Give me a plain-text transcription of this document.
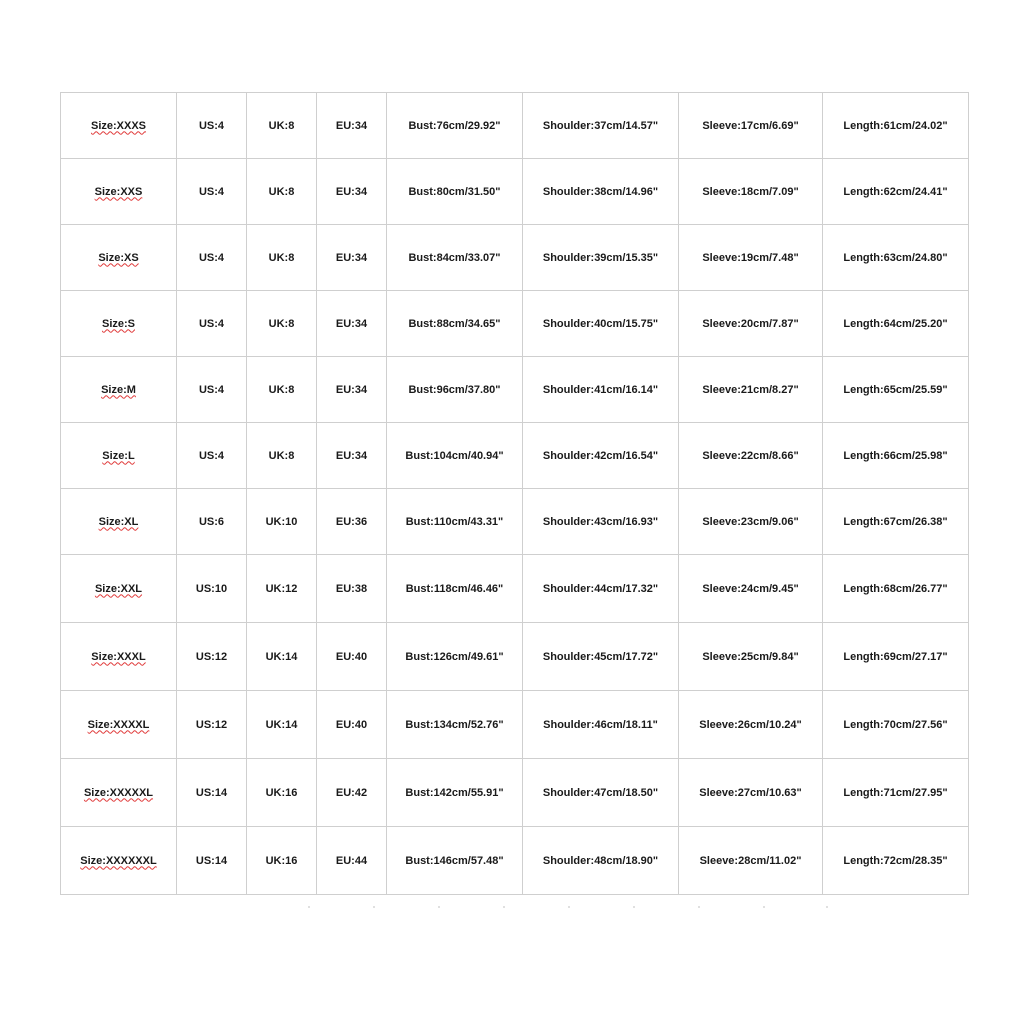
Size:XXXS	US:4	UK:8	EU:34	Bust:76cm/29.92"	Shoulder:37cm/14.57"	Sleeve:17cm/6.69"	Length:61cm/24.02"
Size:XXS	US:4	UK:8	EU:34	Bust:80cm/31.50"	Shoulder:38cm/14.96"	Sleeve:18cm/7.09"	Length:62cm/24.41"
Size:XS	US:4	UK:8	EU:34	Bust:84cm/33.07"	Shoulder:39cm/15.35"	Sleeve:19cm/7.48"	Length:63cm/24.80"
Size:S	US:4	UK:8	EU:34	Bust:88cm/34.65"	Shoulder:40cm/15.75"	Sleeve:20cm/7.87"	Length:64cm/25.20"
Size:M	US:4	UK:8	EU:34	Bust:96cm/37.80"	Shoulder:41cm/16.14"	Sleeve:21cm/8.27"	Length:65cm/25.59"
Size:L	US:4	UK:8	EU:34	Bust:104cm/40.94"	Shoulder:42cm/16.54"	Sleeve:22cm/8.66"	Length:66cm/25.98"
Size:XL	US:6	UK:10	EU:36	Bust:110cm/43.31"	Shoulder:43cm/16.93"	Sleeve:23cm/9.06"	Length:67cm/26.38"
Size:XXL	US:10	UK:12	EU:38	Bust:118cm/46.46"	Shoulder:44cm/17.32"	Sleeve:24cm/9.45"	Length:68cm/26.77"
Size:XXXL	US:12	UK:14	EU:40	Bust:126cm/49.61"	Shoulder:45cm/17.72"	Sleeve:25cm/9.84"	Length:69cm/27.17"
Size:XXXXL	US:12	UK:14	EU:40	Bust:134cm/52.76"	Shoulder:46cm/18.11"	Sleeve:26cm/10.24"	Length:70cm/27.56"
Size:XXXXXL	US:14	UK:16	EU:42	Bust:142cm/55.91"	Shoulder:47cm/18.50"	Sleeve:27cm/10.63"	Length:71cm/27.95"
Size:XXXXXXL	US:14	UK:16	EU:44	Bust:146cm/57.48"	Shoulder:48cm/18.90"	Sleeve:28cm/11.02"	Length:72cm/28.35"
